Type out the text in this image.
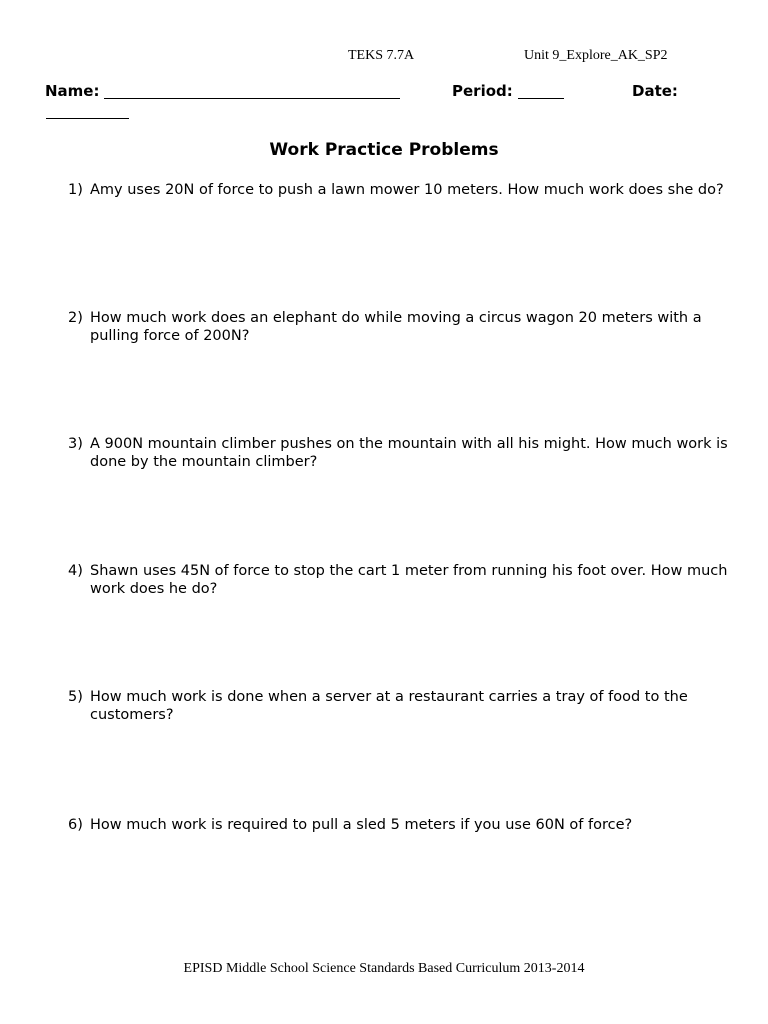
TEKS 7.7A	Unit 9_Explore_AK_SP2
Name:	Period:	Date:
Work Practice Problems
1) Amy uses 20N of force to push a lawn mower 10 meters. How much work does she do?
2) How much work does an elephant do while moving a circus wagon 20 meters with a pulling force of 200N?
3) A 900N mountain climber pushes on the mountain with all his might. How much work is done by the mountain climber?
4) Shawn uses 45N of force to stop the cart 1 meter from running his foot over. How much work does he do?
5) How much work is done when a server at a restaurant carries a tray of food to the customers?
6) How much work is required to pull a sled 5 meters if you use 60N of force?
EPISD Middle School Science Standards Based Curriculum 2013-2014
